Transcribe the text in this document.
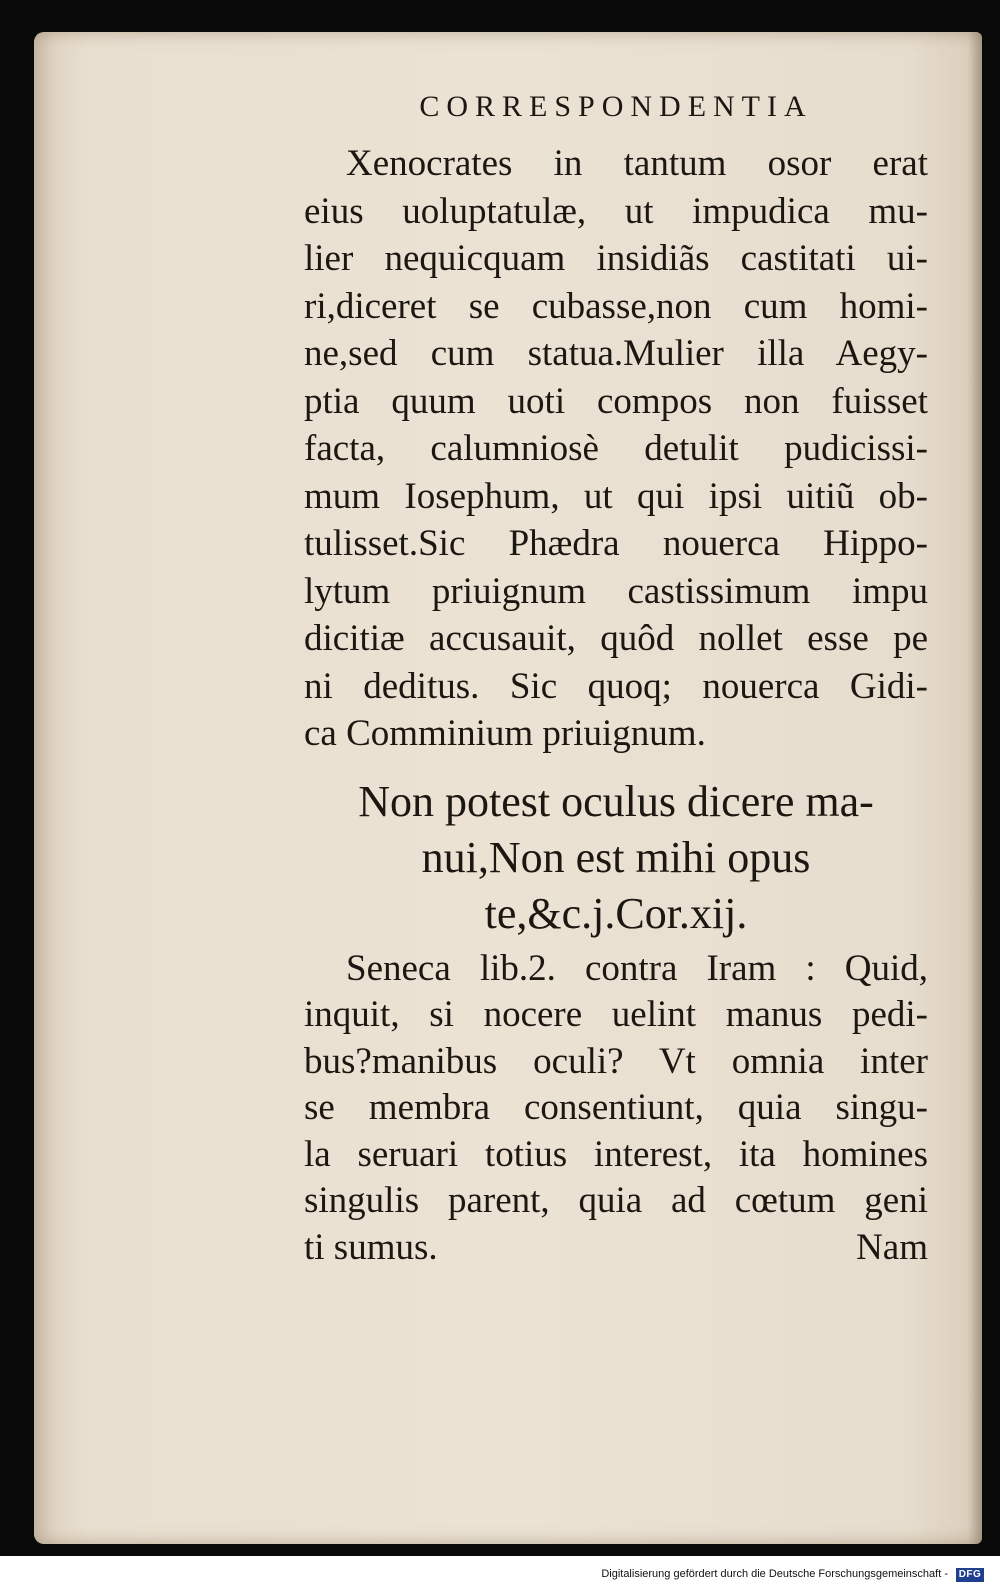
CORRESPONDENTIA
Xenocrates in tantum osor erat
eius uoluptatulæ, ut impudica mu-
lier nequicquam insidiãs castitati ui-
ri,diceret se cubasse,non cum homi-
ne,sed cum statua.Mulier illa Aegy-
ptia quum uoti compos non fuisset
facta, calumniosè detulit pudicissi-
mum Iosephum, ut qui ipsi uitiũ ob-
tulisset.Sic Phædra nouerca Hippo-
lytum priuignum castissimum impu
dicitiæ accusauit, quôd nollet esse pe
ni deditus. Sic quoq; nouerca Gidi-
ca Comminium priuignum.
Non potest oculus dicere ma-
nui,Non est mihi opus
te,&c.j.Cor.xij.
Seneca lib.2. contra Iram : Quid,
inquit, si nocere uelint manus pedi-
bus?manibus oculi? Vt omnia inter
se membra consentiunt, quia singu-
la seruari totius interest, ita homines
singulis parent, quia ad cœtum geni
ti sumus.	Nam
Digitalisierung gefördert durch die Deutsche Forschungsgemeinschaft - DFG
